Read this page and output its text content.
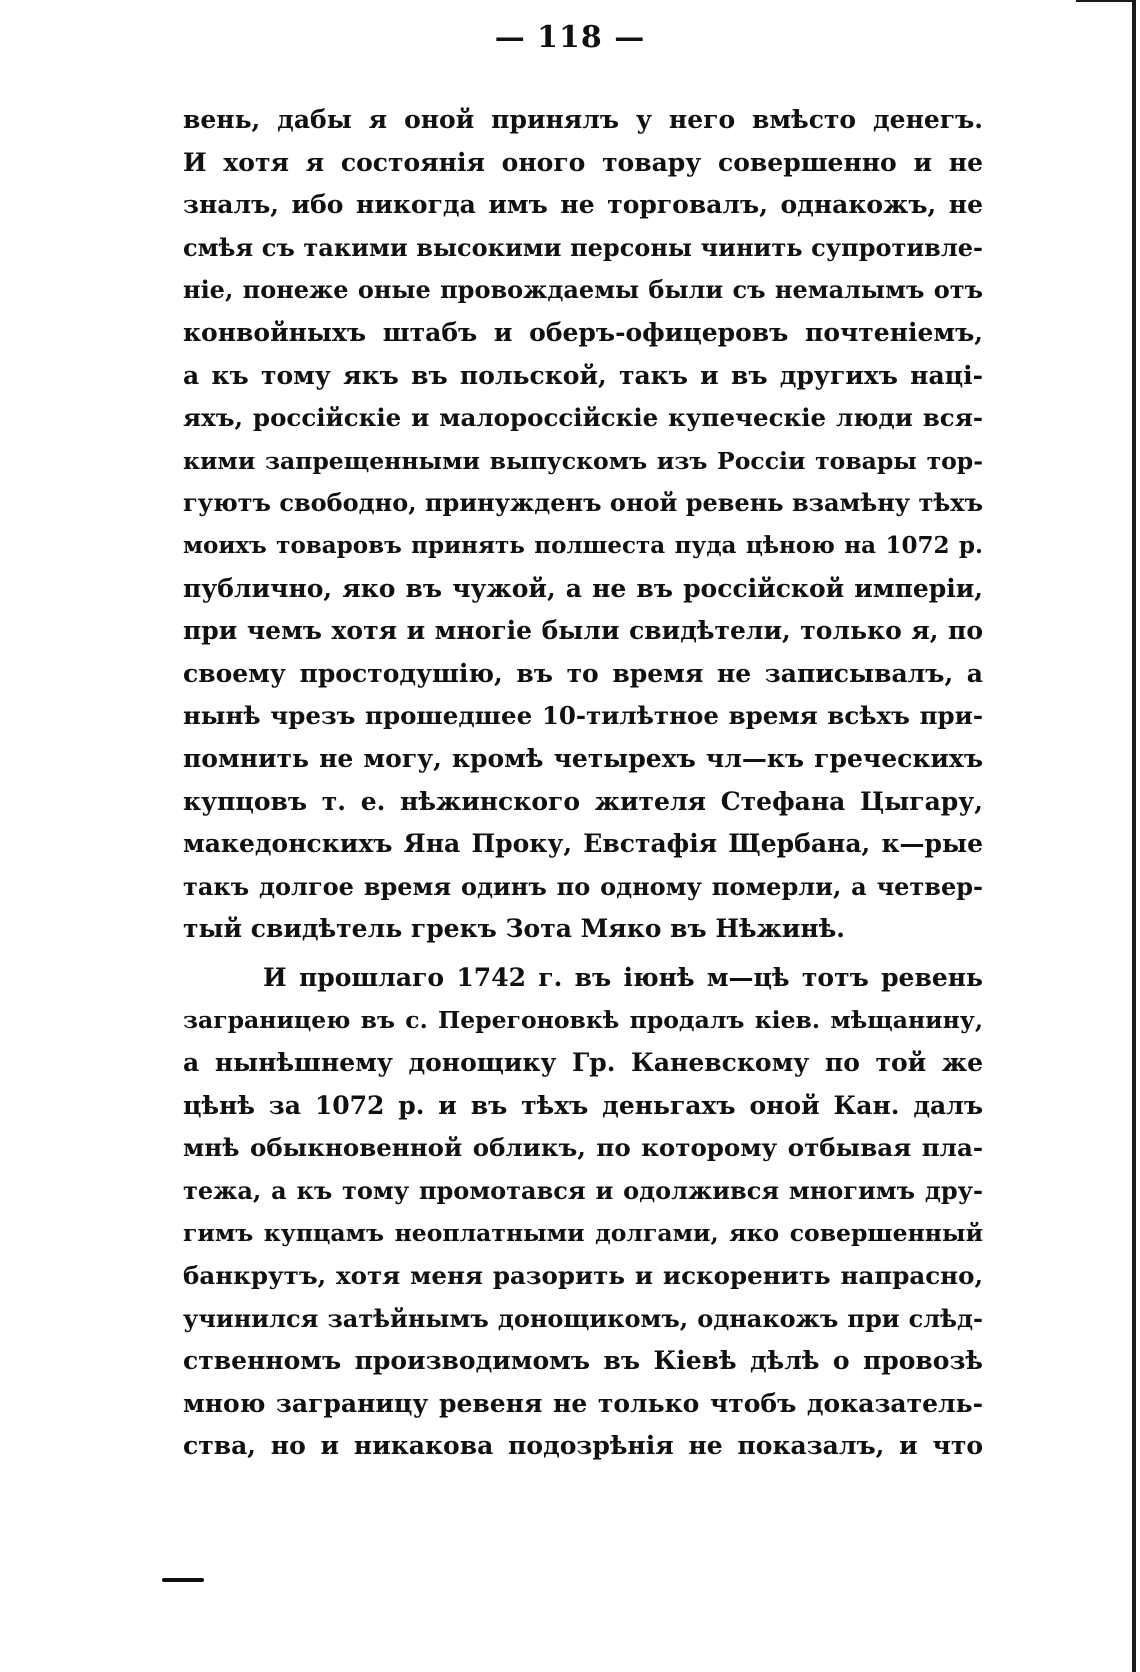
— 118 —
вень, дабы я оной принялъ у него вмѣсто денегъ.
И хотя я состоянія оного товару совершенно и не
зналъ, ибо никогда имъ не торговалъ, однакожъ, не
смѣя съ такими высокими персоны чинить супротивле-
ніе, понеже оные провождаемы были съ немалымъ отъ
конвойныхъ штабъ и оберъ-офицеровъ почтеніемъ,
а къ тому якъ въ польской, такъ и въ другихъ наці-
яхъ, россійскіе и малороссійскіе купеческіе люди вся-
кими запрещенными выпускомъ изъ Россіи товары тор-
гуютъ свободно, принужденъ оной ревень взамѣну тѣхъ
моихъ товаровъ принять полшеста пуда цѣною на 1072 р.
публично, яко въ чужой, а не въ россійской имперіи,
при чемъ хотя и многіе были свидѣтели, только я, по
своему простодушію, въ то время не записывалъ, а
нынѣ чрезъ прошедшее 10-тилѣтное время всѣхъ при-
помнить не могу, кромѣ четырехъ чл—къ греческихъ
купцовъ т. е. нѣжинского жителя Стефана Цыгару,
македонскихъ Яна Проку, Евстафія Щербана, к—рые
такъ долгое время одинъ по одному померли, а четвер-
тый свидѣтель грекъ Зота Мяко въ Нѣжинѣ.
И прошлаго 1742 г. въ іюнѣ м—цѣ тотъ ревень
заграницею въ с. Перегоновкѣ продалъ кіев. мѣщанину,
а нынѣшнему донощику Гр. Каневскому по той же
цѣнѣ за 1072 р. и въ тѣхъ деньгахъ оной Кан. далъ
мнѣ обыкновенной обликъ, по которому отбывая пла-
тежа, а къ тому промотався и одолжився многимъ дру-
гимъ купцамъ неоплатными долгами, яко совершенный
банкрутъ, хотя меня разорить и искоренить напрасно,
учинился затѣйнымъ донощикомъ, однакожъ при слѣд-
ственномъ производимомъ въ Кіевѣ дѣлѣ о провозѣ
мною заграницу ревеня не только чтобъ доказатель-
ства, но и никакова подозрѣнія не показалъ, и что
